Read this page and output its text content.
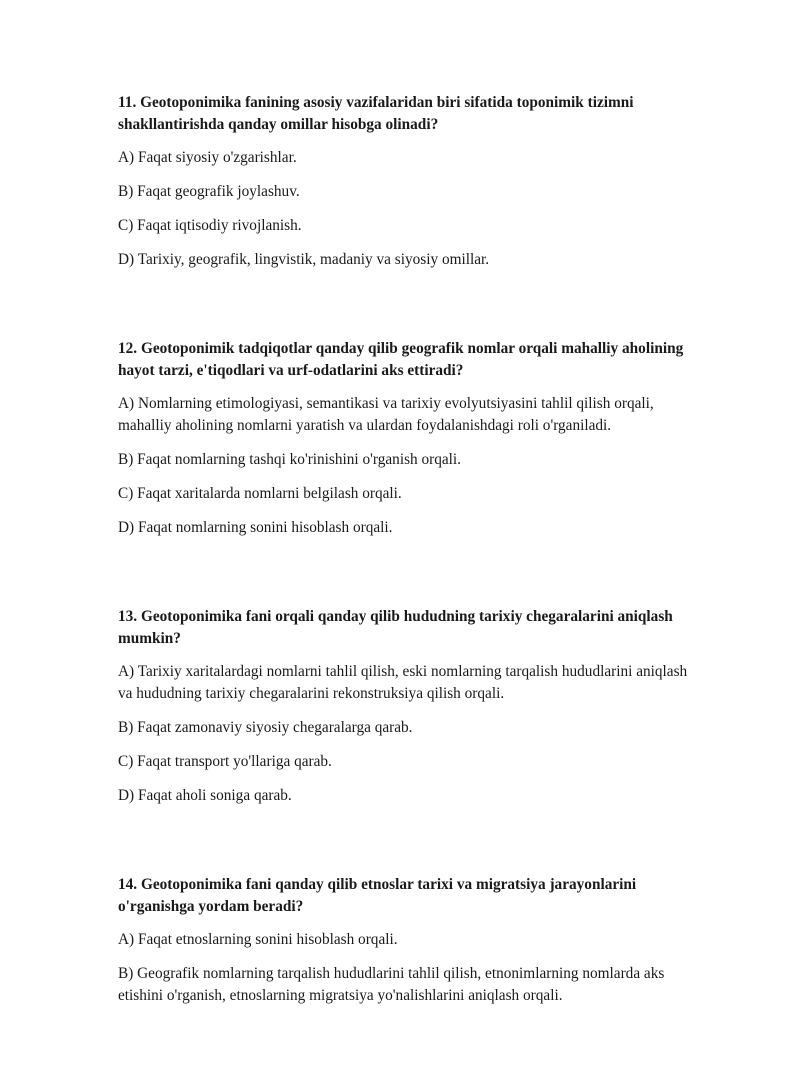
11. Geotoponimika fanining asosiy vazifalaridan biri sifatida toponimik tizimni shakllantirishda qanday omillar hisobga olinadi?
A) Faqat siyosiy o'zgarishlar.
B) Faqat geografik joylashuv.
C) Faqat iqtisodiy rivojlanish.
D) Tarixiy, geografik, lingvistik, madaniy va siyosiy omillar.
12. Geotoponimik tadqiqotlar qanday qilib geografik nomlar orqali mahalliy aholining hayot tarzi, e'tiqodlari va urf-odatlarini aks ettiradi?
A) Nomlarning etimologiyasi, semantikasi va tarixiy evolyutsiyasini tahlil qilish orqali, mahalliy aholining nomlarni yaratish va ulardan foydalanishdagi roli o'rganiladi.
B) Faqat nomlarning tashqi ko'rinishini o'rganish orqali.
C) Faqat xaritalarda nomlarni belgilash orqali.
D) Faqat nomlarning sonini hisoblash orqali.
13. Geotoponimika fani orqali qanday qilib hududning tarixiy chegaralarini aniqlash mumkin?
A) Tarixiy xaritalardagi nomlarni tahlil qilish, eski nomlarning tarqalish hududlarini aniqlash va hududning tarixiy chegaralarini rekonstruksiya qilish orqali.
B) Faqat zamonaviy siyosiy chegaralarga qarab.
C) Faqat transport yo'llariga qarab.
D) Faqat aholi soniga qarab.
14. Geotoponimika fani qanday qilib etnoslar tarixi va migratsiya jarayonlarini o'rganishga yordam beradi?
A) Faqat etnoslarning sonini hisoblash orqali.
B) Geografik nomlarning tarqalish hududlarini tahlil qilish, etnonimlarning nomlarda aks etishini o'rganish, etnoslarning migratsiya yo'nalishlarini aniqlash orqali.
